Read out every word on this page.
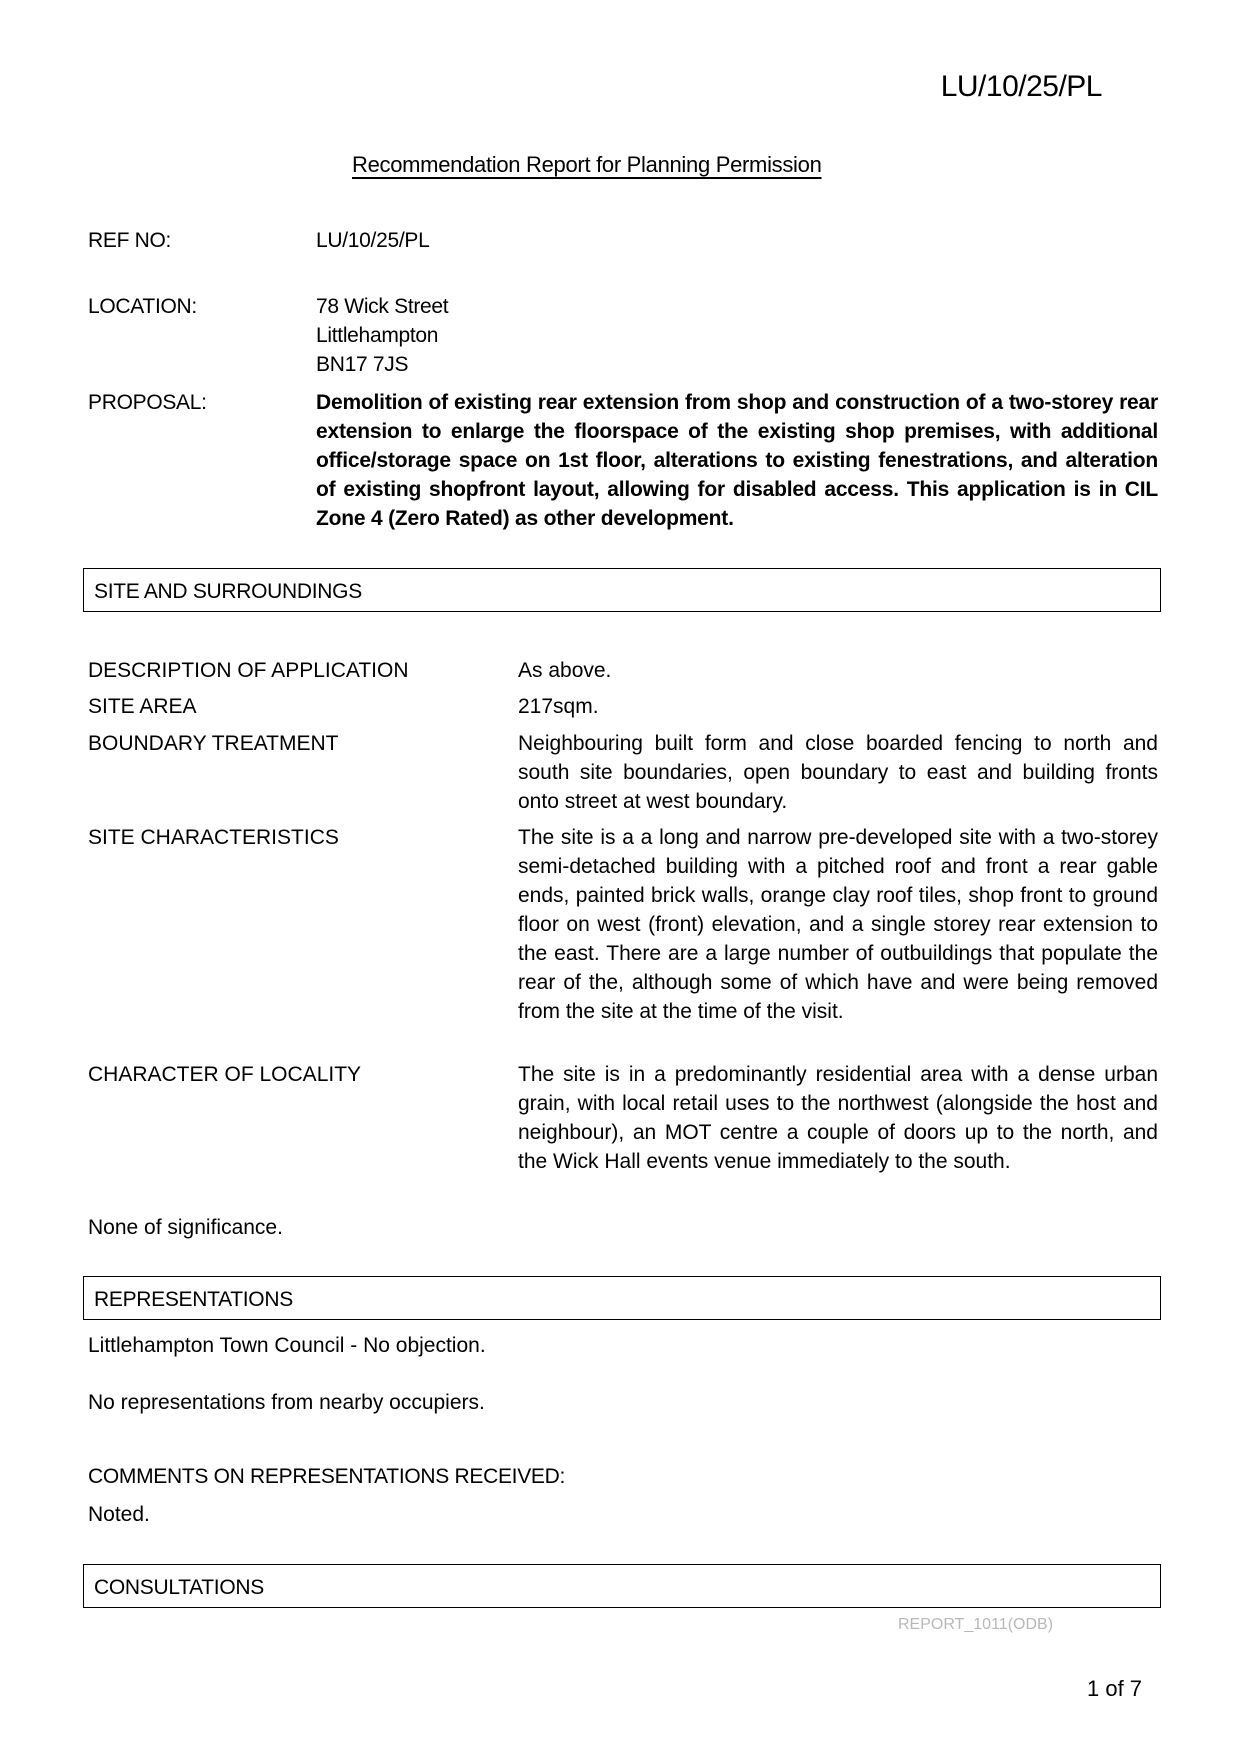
LU/10/25/PL
Recommendation Report for Planning Permission
REF NO:	LU/10/25/PL
LOCATION:	78 Wick Street
Littlehampton
BN17 7JS
PROPOSAL:	Demolition of existing rear extension from shop and construction of a two-storey rear extension to enlarge the floorspace of the existing shop premises, with additional office/storage space on 1st floor, alterations to existing fenestrations, and alteration of existing shopfront layout, allowing for disabled access. This application is in CIL Zone 4 (Zero Rated) as other development.
SITE AND SURROUNDINGS
DESCRIPTION OF APPLICATION	As above.
SITE AREA	217sqm.
BOUNDARY TREATMENT	Neighbouring built form and close boarded fencing to north and south site boundaries, open boundary to east and building fronts onto street at west boundary.
SITE CHARACTERISTICS	The site is a a long and narrow pre-developed site with a two-storey semi-detached building with a pitched roof and front a rear gable ends, painted brick walls, orange clay roof tiles, shop front to ground floor on west (front) elevation, and a single storey rear extension to the east. There are a large number of outbuildings that populate the rear of the, although some of which have and were being removed from the site at the time of the visit.
CHARACTER OF LOCALITY	The site is in a predominantly residential area with a dense urban grain, with local retail uses to the northwest (alongside the host and neighbour), an MOT centre a couple of doors up to the north, and the Wick Hall events venue immediately to the south.
None of significance.
REPRESENTATIONS
Littlehampton Town Council - No objection.
No representations from nearby occupiers.
COMMENTS ON REPRESENTATIONS RECEIVED:
Noted.
CONSULTATIONS
REPORT_1011(ODB)
1 of 7
